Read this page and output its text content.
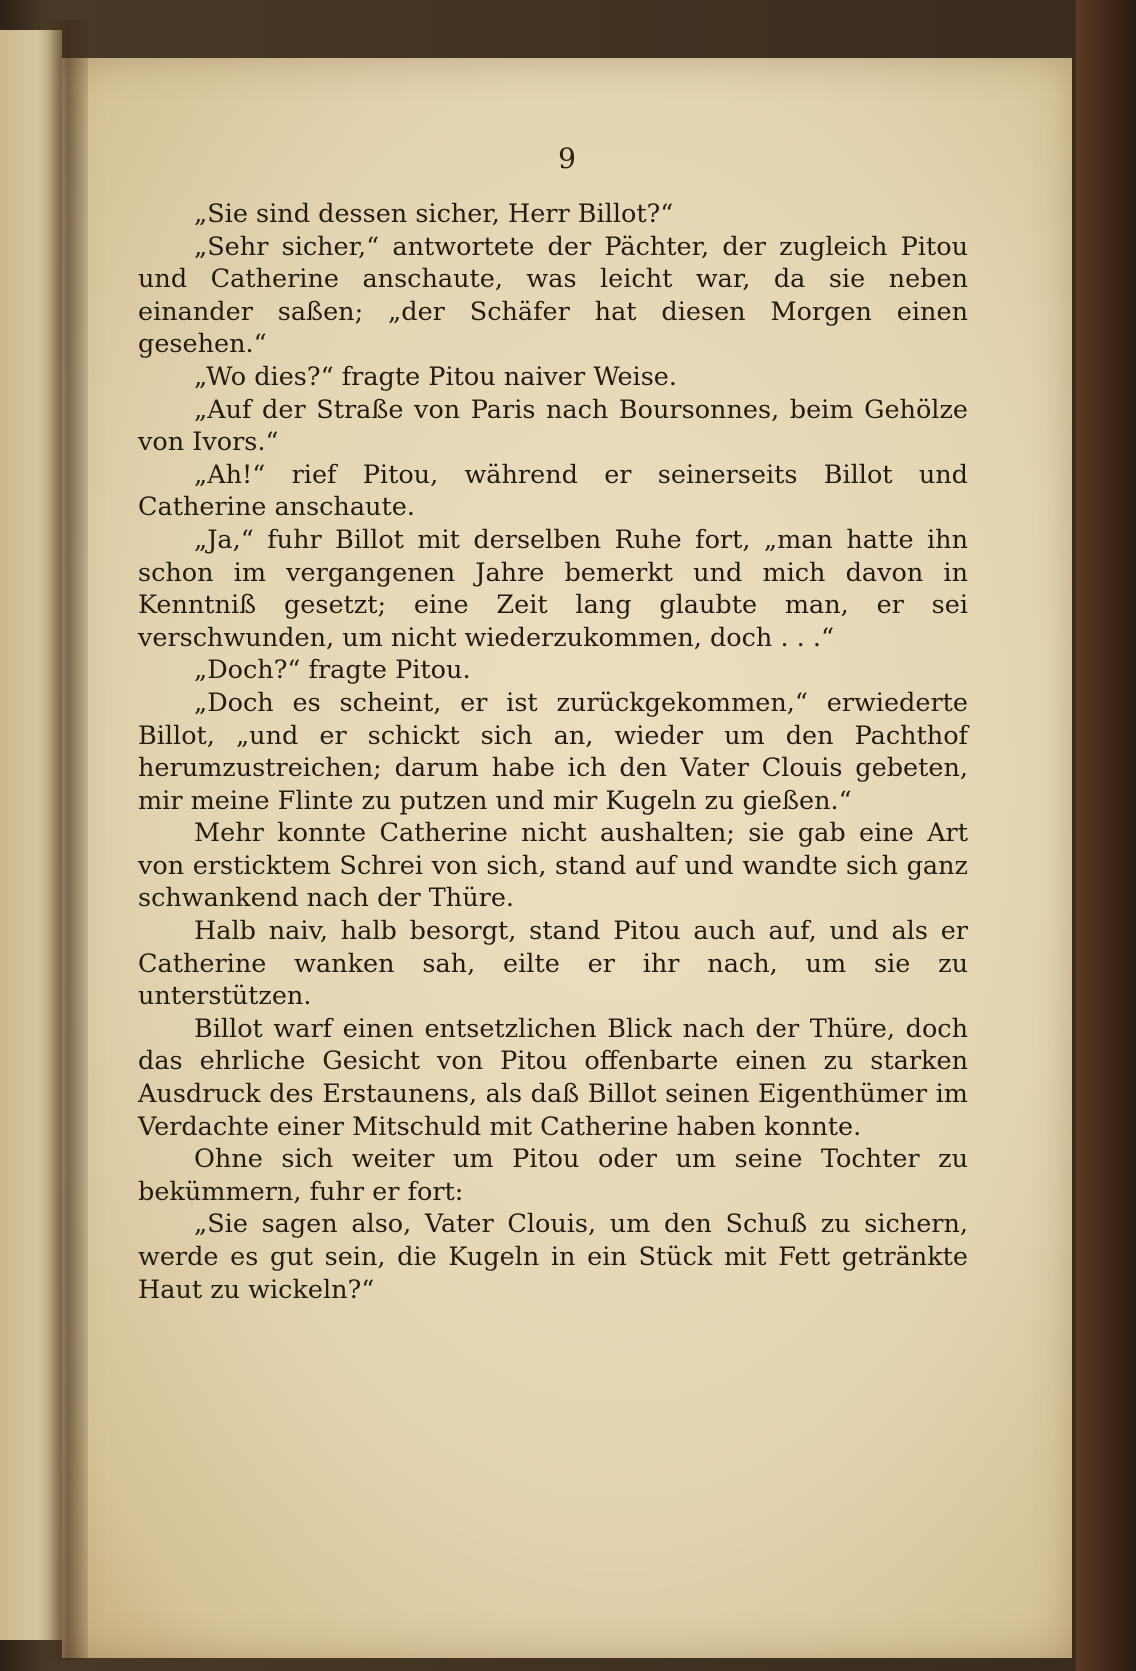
9

„Sie sind dessen sicher, Herr Billot?“

„Sehr sicher,“ antwortete der Pächter, der zugleich Pitou und Catherine anschaute, was leicht war, da sie neben einander saßen; „der Schäfer hat diesen Morgen einen gesehen.“

„Wo dies?“ fragte Pitou naiver Weise.

„Auf der Straße von Paris nach Boursonnes, beim Gehölze von Ivors.“

„Ah!“ rief Pitou, während er seinerseits Billot und Catherine anschaute.

„Ja,“ fuhr Billot mit derselben Ruhe fort, „man hatte ihn schon im vergangenen Jahre bemerkt und mich davon in Kenntniß gesetzt; eine Zeit lang glaubte man, er sei verschwunden, um nicht wiederzukommen, doch . . .“

„Doch?“ fragte Pitou.

„Doch es scheint, er ist zurückgekommen,“ erwiederte Billot, „und er schickt sich an, wieder um den Pachthof herumzustreichen; darum habe ich den Vater Clouis gebeten, mir meine Flinte zu putzen und mir Kugeln zu gießen.“

Mehr konnte Catherine nicht aushalten; sie gab eine Art von ersticktem Schrei von sich, stand auf und wandte sich ganz schwankend nach der Thüre.

Halb naiv, halb besorgt, stand Pitou auch auf, und als er Catherine wanken sah, eilte er ihr nach, um sie zu unterstützen.

Billot warf einen entsetzlichen Blick nach der Thüre, doch das ehrliche Gesicht von Pitou offenbarte einen zu starken Ausdruck des Erstaunens, als daß Billot seinen Eigenthümer im Verdachte einer Mitschuld mit Catherine haben konnte.

Ohne sich weiter um Pitou oder um seine Tochter zu bekümmern, fuhr er fort:

„Sie sagen also, Vater Clouis, um den Schuß zu sichern, werde es gut sein, die Kugeln in ein Stück mit Fett getränkte Haut zu wickeln?“
